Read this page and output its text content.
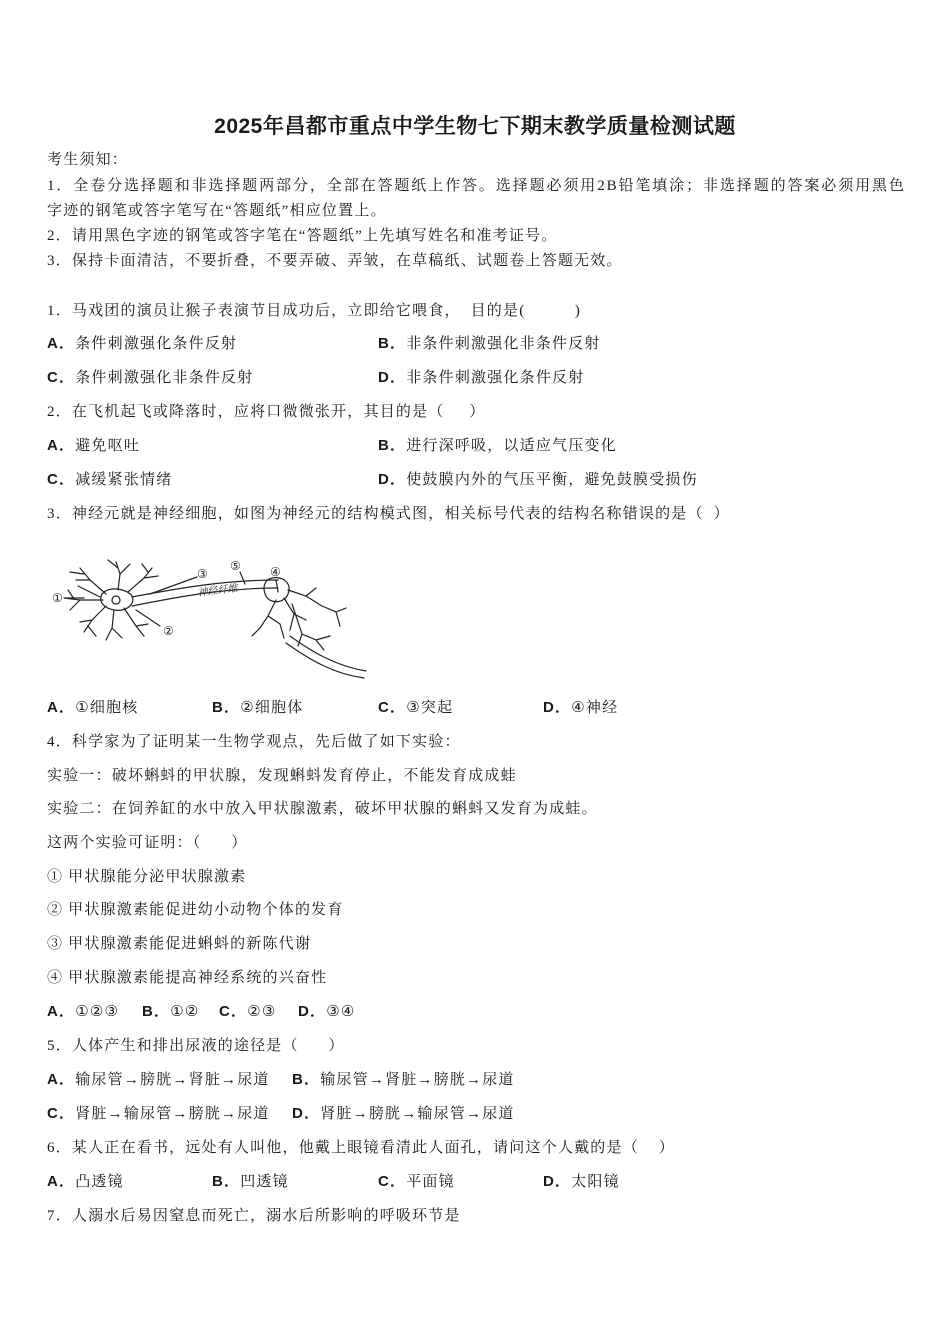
2025年昌都市重点中学生物七下期末教学质量检测试题
考生须知：
1．全卷分选择题和非选择题两部分，全部在答题纸上作答。选择题必须用2B铅笔填涂；非选择题的答案必须用黑色
字迹的钢笔或答字笔写在“答题纸”相应位置上。
2．请用黑色字迹的钢笔或答字笔在“答题纸”上先填写姓名和准考证号。
3．保持卡面清洁，不要折叠，不要弄破、弄皱，在草稿纸、试题卷上答题无效。
1．马戏团的演员让猴子表演节目成功后，立即给它喂食，  目的是(          )
A．条件刺激强化条件反射	B．非条件刺激强化非条件反射
C．条件刺激强化非条件反射	D．非条件刺激强化条件反射
2．在飞机起飞或降落时，应将口微微张开，其目的是（     ）
A．避免呕吐	B．进行深呼吸，以适应气压变化
C．减缓紧张情绪	D．使鼓膜内外的气压平衡，避免鼓膜受损伤
3．神经元就是神经细胞，如图为神经元的结构模式图，相关标号代表的结构名称错误的是（  ）
①
②
③
⑤ ④
神经纤维
A．①细胞核	B．②细胞体	C．③突起	D．④神经
4．科学家为了证明某一生物学观点，先后做了如下实验：
实验一：破坏蝌蚪的甲状腺，发现蝌蚪发育停止，不能发育成成蛙
实验二：在饲养缸的水中放入甲状腺激素，破坏甲状腺的蝌蚪又发育为成蛙。
这两个实验可证明：（      ）
① 甲状腺能分泌甲状腺激素
② 甲状腺激素能促进幼小动物个体的发育
③ 甲状腺激素能促进蝌蚪的新陈代谢
④ 甲状腺激素能提高神经系统的兴奋性
A．①②③ B．①② C．②③ D．③④
5．人体产生和排出尿液的途径是（      ）
A．输尿管→膀胱→肾脏→尿道 B．输尿管→肾脏→膀胱→尿道
C．肾脏→输尿管→膀胱→尿道 D．肾脏→膀胱→输尿管→尿道
6．某人正在看书，远处有人叫他，他戴上眼镜看清此人面孔，请问这个人戴的是（    ）
A．凸透镜	B．凹透镜	C．平面镜	D．太阳镜
7．人溺水后易因窒息而死亡，溺水后所影响的呼吸环节是
